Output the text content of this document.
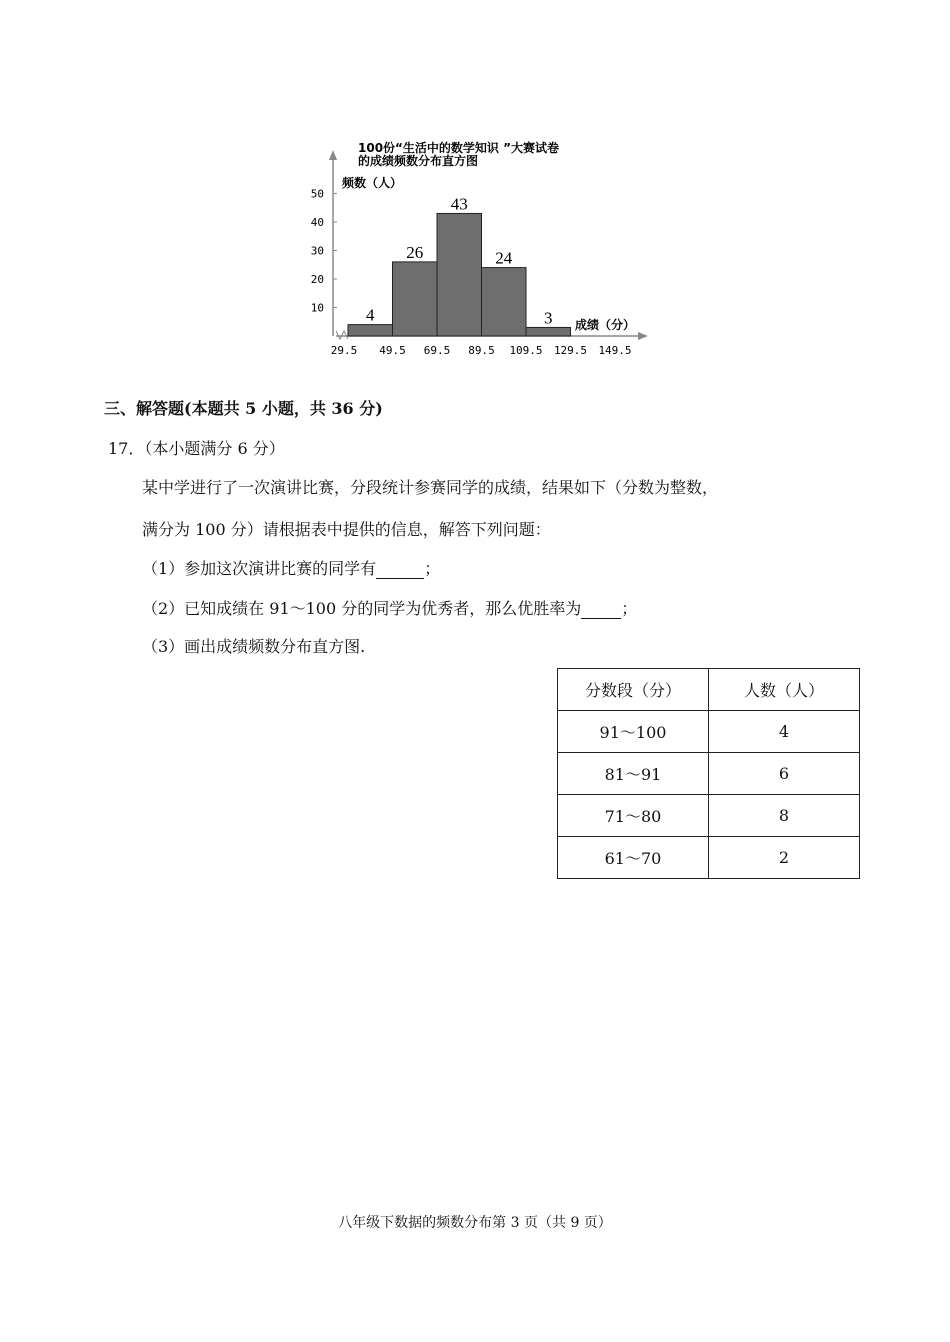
100份“生活中的数学知识 ”大赛试卷
的成绩频数分布直方图
频数（人）
成绩（分）
4
26
43
24
3
10
20
30
40
50
29.5 49.5 69.5 89.5 109.5 129.5 149.5
三、解答题(本题共 5 小题，共 36 分)
17．（本小题满分 6 分）
某中学进行了一次演讲比赛，分段统计参赛同学的成绩，结果如下（分数为整数，
满分为 100 分）请根据表中提供的信息，解答下列问题：
（1）参加这次演讲比赛的同学有	；
（2）已知成绩在 91～100 分的同学为优秀者，那么优胜率为	；
（3）画出成绩频数分布直方图.
分数段（分）	人数（人）
91～100	4
81～91	6
71～80	8
61～70	2
八年级下数据的频数分布第 3 页（共 9 页）
